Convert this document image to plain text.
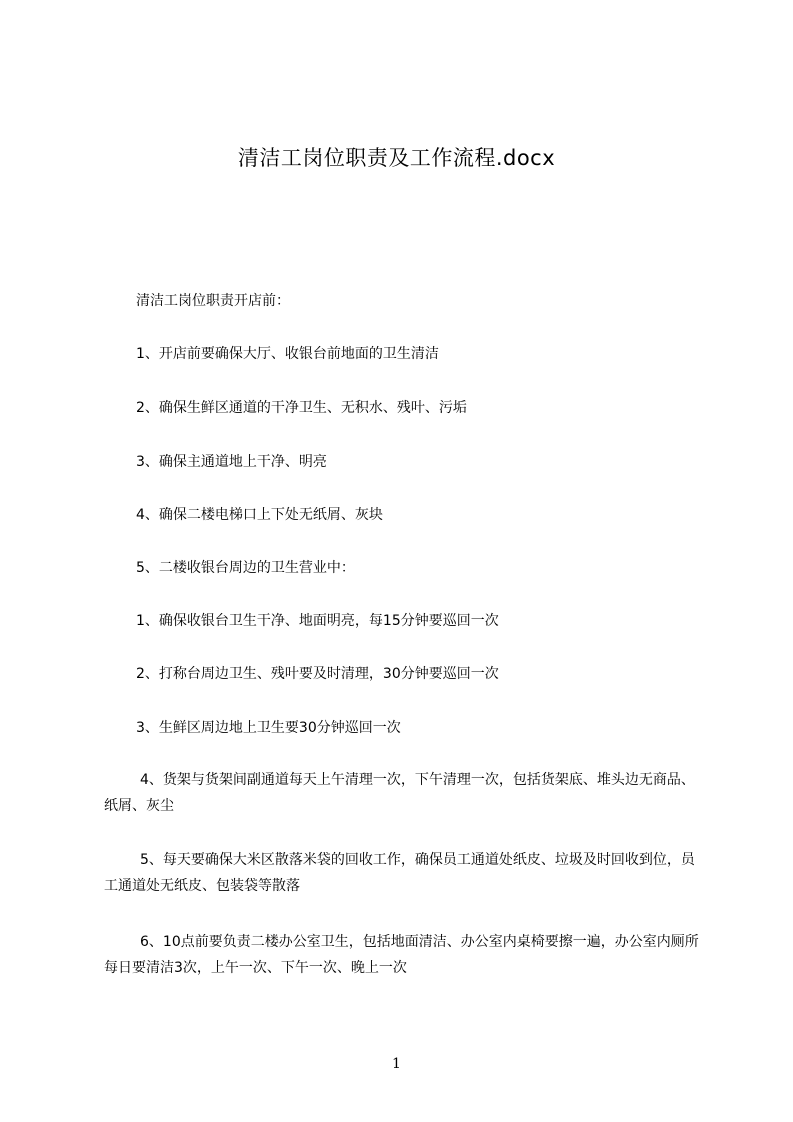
清洁工岗位职责及工作流程.docx
清洁工岗位职责开店前：
1、开店前要确保大厅、收银台前地面的卫生清洁
2、确保生鲜区通道的干净卫生、无积水、残叶、污垢
3、确保主通道地上干净、明亮
4、确保二楼电梯口上下处无纸屑、灰块
5、二楼收银台周边的卫生营业中：
1、确保收银台卫生干净、地面明亮，每15分钟要巡回一次
2、打称台周边卫生、残叶要及时清理，30分钟要巡回一次
3、生鲜区周边地上卫生要30分钟巡回一次
4、货架与货架间副通道每天上午清理一次，下午清理一次，包括货架底、堆头边无商品、纸屑、灰尘
5、每天要确保大米区散落米袋的回收工作，确保员工通道处纸皮、垃圾及时回收到位，员工通道处无纸皮、包装袋等散落
6、10点前要负责二楼办公室卫生，包括地面清洁、办公室内桌椅要擦一遍，办公室内厕所每日要清洁3次，上午一次、下午一次、晚上一次
1
